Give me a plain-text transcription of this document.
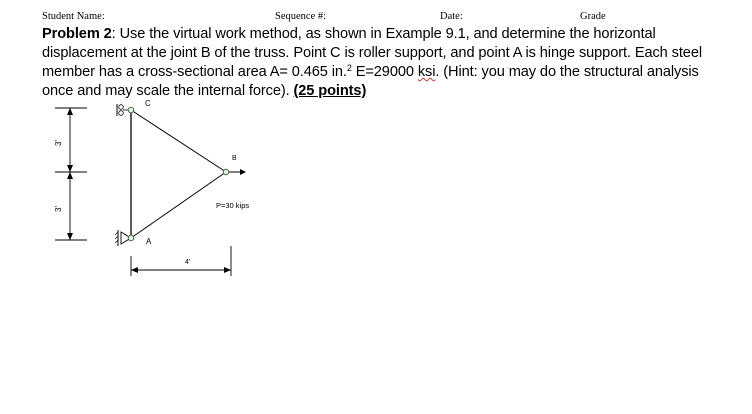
Student Name:	Sequence #:	Date:	Grade
Problem 2: Use the virtual work method, as shown in Example 9.1, and determine the horizontal displacement at the joint B of the truss. Point C is roller support, and point A is hinge support. Each steel member has a cross-sectional area A= 0.465 in.$^2$ E=29000 ksi. (Hint: you may do the structural analysis once and may scale the internal force). (25 points)
C
B
P=30 kips
A
3'
3'
4'
